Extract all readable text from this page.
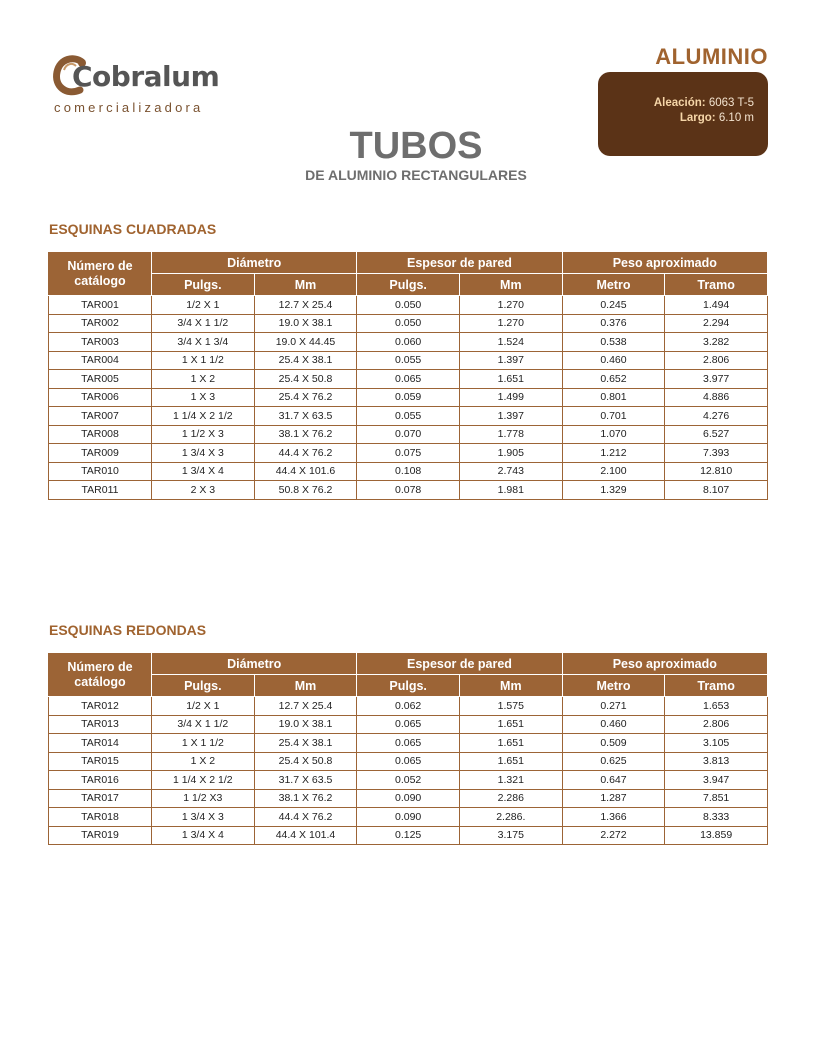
Cobralum
comercializadora
ALUMINIO
Aleación: 6063 T-5
Largo: 6.10 m
TUBOS
DE ALUMINIO RECTANGULARES
ESQUINAS CUADRADAS
Número de catálogo	Diámetro		Espesor de pared		Peso aproximado	
	Pulgs.	Mm	Pulgs.	Mm	Metro	Tramo
TAR001	1/2 X 1	12.7 X 25.4	0.050	1.270	0.245	1.494
TAR002	3/4 X 1 1/2	19.0 X 38.1	0.050	1.270	0.376	2.294
TAR003	3/4 X 1 3/4	19.0 X 44.45	0.060	1.524	0.538	3.282
TAR004	1 X 1 1/2	25.4 X 38.1	0.055	1.397	0.460	2.806
TAR005	1 X 2	25.4 X 50.8	0.065	1.651	0.652	3.977
TAR006	1 X 3	25.4 X 76.2	0.059	1.499	0.801	4.886
TAR007	1 1/4 X 2 1/2	31.7 X 63.5	0.055	1.397	0.701	4.276
TAR008	1 1/2 X 3	38.1 X 76.2	0.070	1.778	1.070	6.527
TAR009	1 3/4 X 3	44.4 X 76.2	0.075	1.905	1.212	7.393
TAR010	1 3/4 X 4	44.4 X 101.6	0.108	2.743	2.100	12.810
TAR011	2 X 3	50.8 X 76.2	0.078	1.981	1.329	8.107
ESQUINAS REDONDAS
Número de catálogo	Diámetro		Espesor de pared		Peso aproximado	
	Pulgs.	Mm	Pulgs.	Mm	Metro	Tramo
TAR012	1/2 X 1	12.7 X 25.4	0.062	1.575	0.271	1.653
TAR013	3/4 X 1 1/2	19.0 X 38.1	0.065	1.651	0.460	2.806
TAR014	1 X 1 1/2	25.4 X 38.1	0.065	1.651	0.509	3.105
TAR015	1 X 2	25.4 X 50.8	0.065	1.651	0.625	3.813
TAR016	1 1/4 X 2 1/2	31.7 X 63.5	0.052	1.321	0.647	3.947
TAR017	1 1/2 X3	38.1 X 76.2	0.090	2.286	1.287	7.851
TAR018	1 3/4 X 3	44.4 X 76.2	0.090	2.286.	1.366	8.333
TAR019	1 3/4 X 4	44.4 X 101.4	0.125	3.175	2.272	13.859
